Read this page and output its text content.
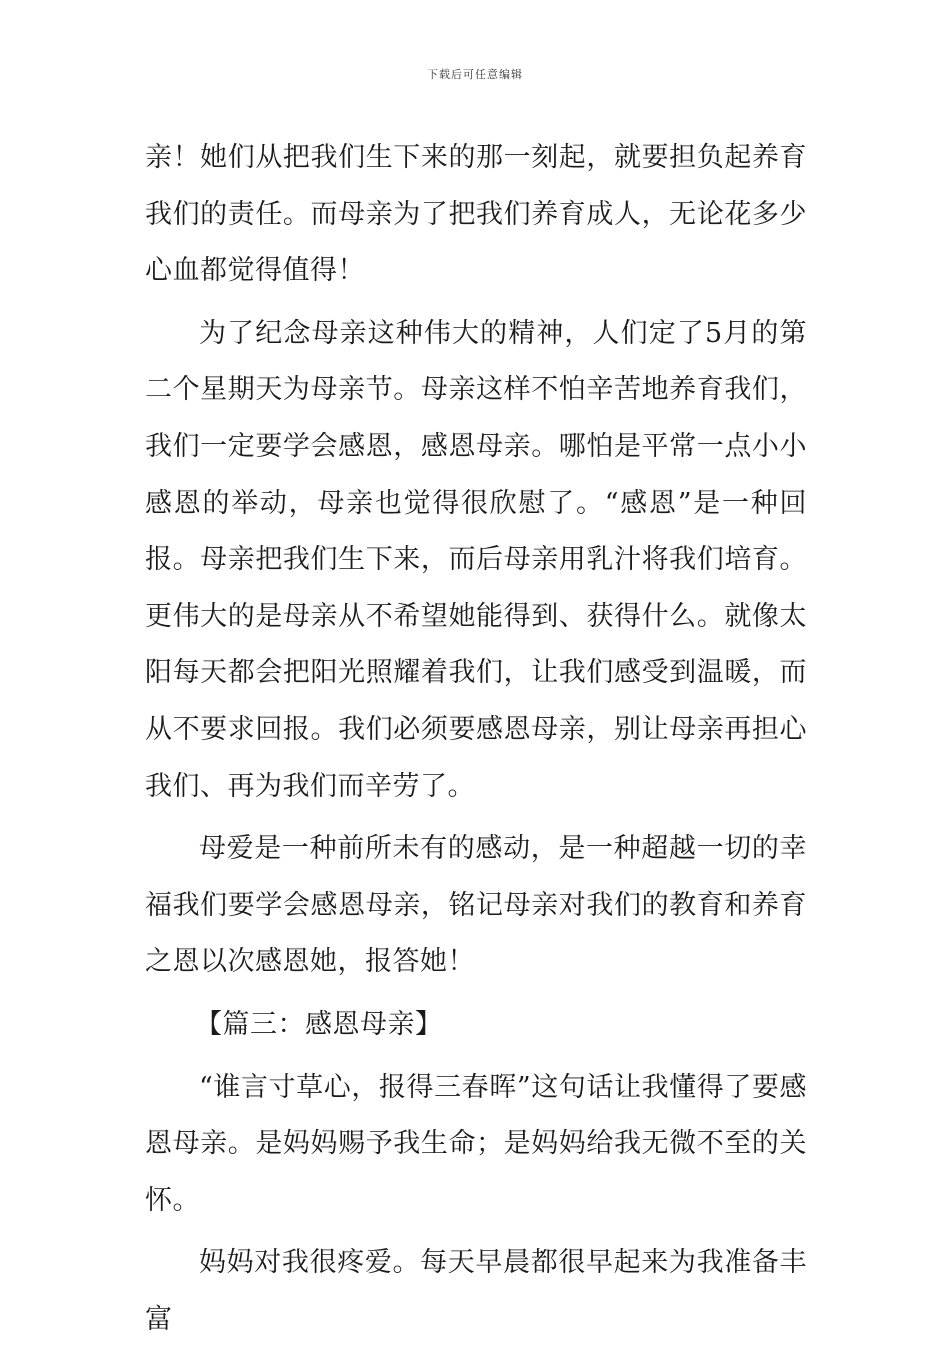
下载后可任意编辑

亲！她们从把我们生下来的那一刻起，就要担负起养育我们的责任。而母亲为了把我们养育成人，无论花多少心血都觉得值得！

为了纪念母亲这种伟大的精神，人们定了5月的第二个星期天为母亲节。母亲这样不怕辛苦地养育我们，我们一定要学会感恩，感恩母亲。哪怕是平常一点小小感恩的举动，母亲也觉得很欣慰了。“感恩”是一种回报。母亲把我们生下来，而后母亲用乳汁将我们培育。更伟大的是母亲从不希望她能得到、获得什么。就像太阳每天都会把阳光照耀着我们，让我们感受到温暖，而从不要求回报。我们必须要感恩母亲，别让母亲再担心我们、再为我们而辛劳了。

母爱是一种前所未有的感动，是一种超越一切的幸福我们要学会感恩母亲，铭记母亲对我们的教育和养育之恩以次感恩她，报答她！

【篇三：感恩母亲】

“谁言寸草心，报得三春晖”这句话让我懂得了要感恩母亲。是妈妈赐予我生命；是妈妈给我无微不至的关怀。

妈妈对我很疼爱。每天早晨都很早起来为我准备丰富
